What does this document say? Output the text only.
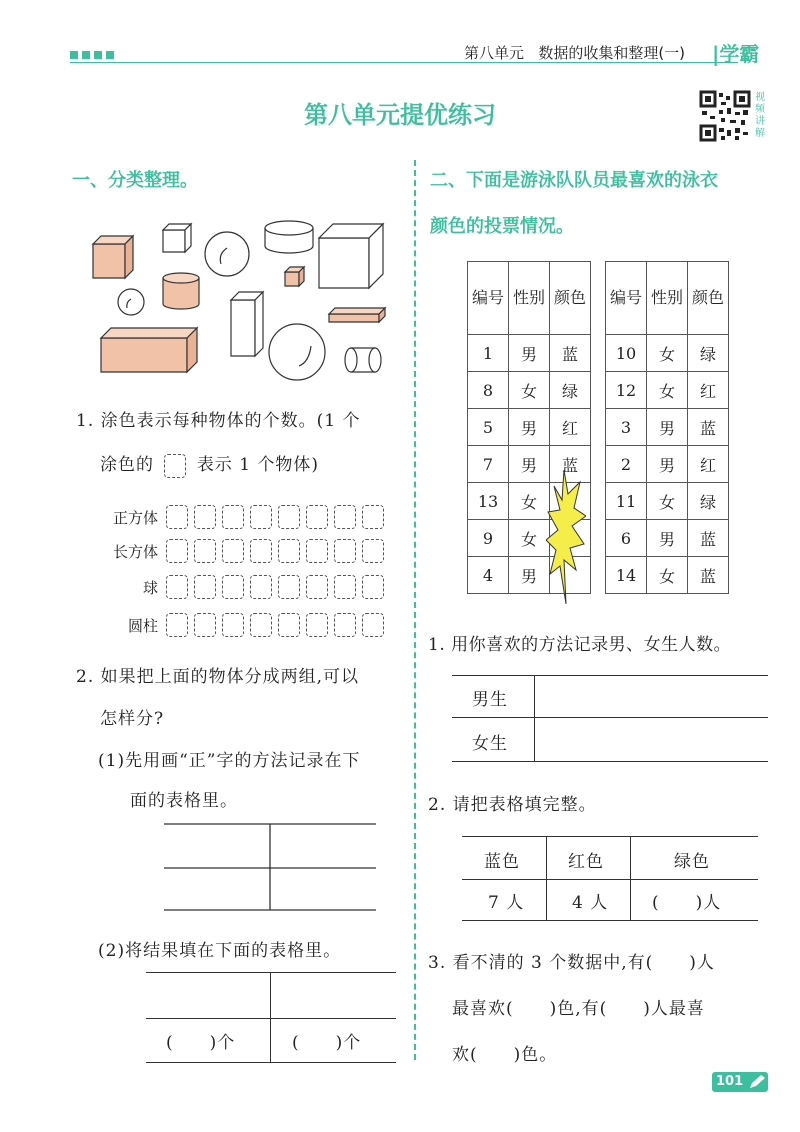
第八单元 数据的收集和整理(一) |学霸
第八单元提优练习
视频讲解
一、分类整理。
1. 涂色表示每种物体的个数。(1 个
涂色的	表示 1 个物体)
正方体
长方体
球
圆柱
2. 如果把上面的物体分成两组,可以
怎样分?
(1)先用画“正”字的方法记录在下
面的表格里。
(2)将结果填在下面的表格里。
(　　)个	(　　)个
二、下面是游泳队队员最喜欢的泳衣
颜色的投票情况。
编号	性别	颜色		编号	性别	颜色
1	男	蓝		10	女	绿
8	女	绿		12	女	红
5	男	红		3	男	蓝
7	男	蓝		2	男	红
13	女			11	女	绿
9	女			6	男	蓝
4	男			14	女	蓝
1. 用你喜欢的方法记录男、女生人数。
男生
女生
2. 请把表格填完整。
蓝色	红色	绿色
7 人	4 人	(　　)人
3. 看不清的 3 个数据中,有(　　)人
最喜欢(　　)色,有(　　)人最喜
欢(　　)色。
101
